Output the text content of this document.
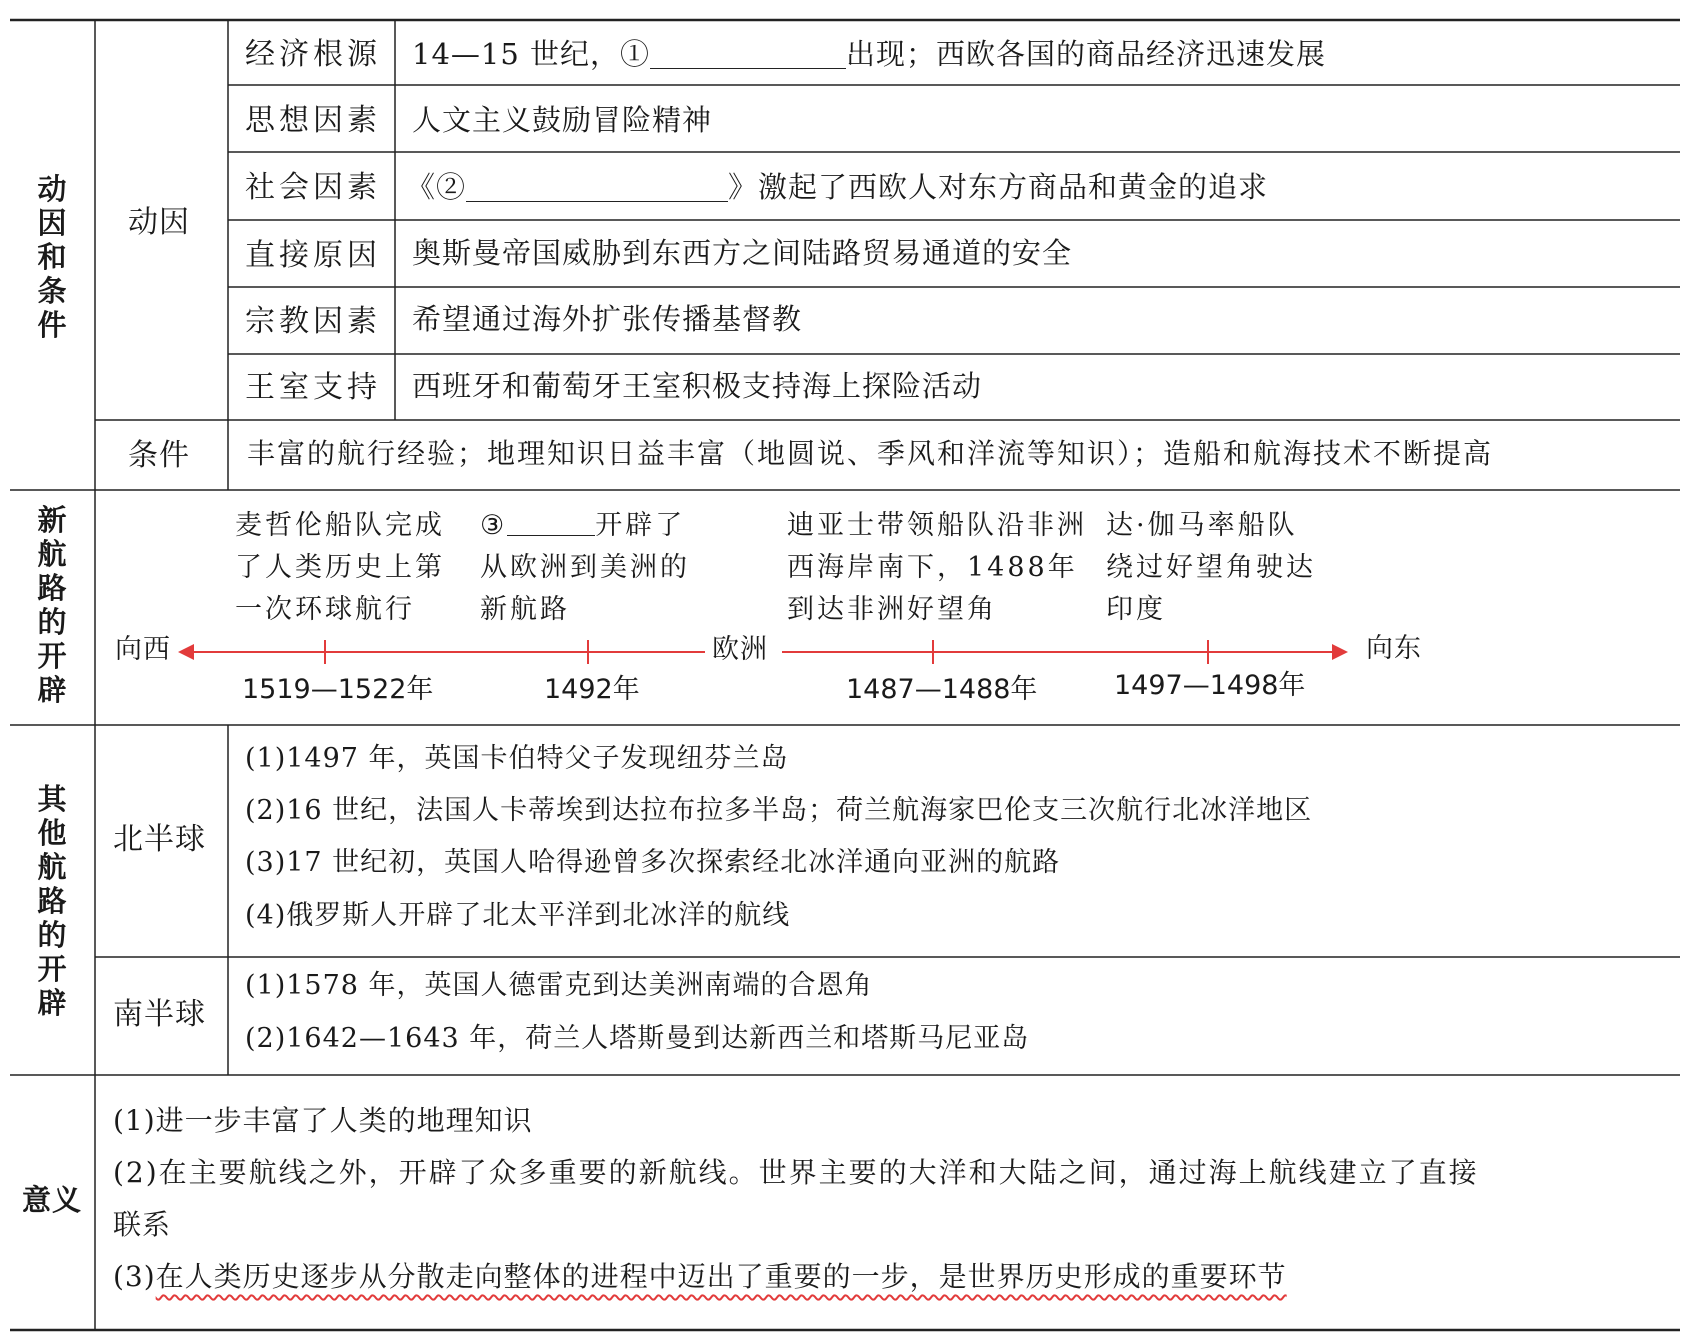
动
因
和
条
件
动因
条件
经济根源 14—15 世纪，①	出现；西欧各国的商品经济迅速发展
思想因素 人文主义鼓励冒险精神
社会因素 《②	》激起了西欧人对东方商品和黄金的追求
直接原因 奥斯曼帝国威胁到东西方之间陆路贸易通道的安全
宗教因素 希望通过海外扩张传播基督教
王室支持 西班牙和葡萄牙王室积极支持海上探险活动
丰富的航行经验；地理知识日益丰富（地圆说、季风和洋流等知识）；造船和航海技术不断提高
新
航
路
的
开
辟
麦哲伦船队完成了人类历史上第一次环球航行
③	开辟了从欧洲到美洲的新航路
迪亚士带领船队沿非洲西海岸南下，1488年到达非洲好望角
达·伽马率船队绕过好望角驶达印度
向西	欧洲	向东
1519—1522年	1492年	1487—1488年	1497—1498年
其
他
航
路
的
开
辟
北半球
(1)1497 年，英国卡伯特父子发现纽芬兰岛
(2)16 世纪，法国人卡蒂埃到达拉布拉多半岛；荷兰航海家巴伦支三次航行北冰洋地区
(3)17 世纪初，英国人哈得逊曾多次探索经北冰洋通向亚洲的航路
(4)俄罗斯人开辟了北太平洋到北冰洋的航线
南半球
(1)1578 年，英国人德雷克到达美洲南端的合恩角
(2)1642—1643 年，荷兰人塔斯曼到达新西兰和塔斯马尼亚岛
意义
(1)进一步丰富了人类的地理知识
(2)在主要航线之外，开辟了众多重要的新航线。世界主要的大洋和大陆之间，通过海上航线建立了直接
联系
(3)在人类历史逐步从分散走向整体的进程中迈出了重要的一步，是世界历史形成的重要环节
